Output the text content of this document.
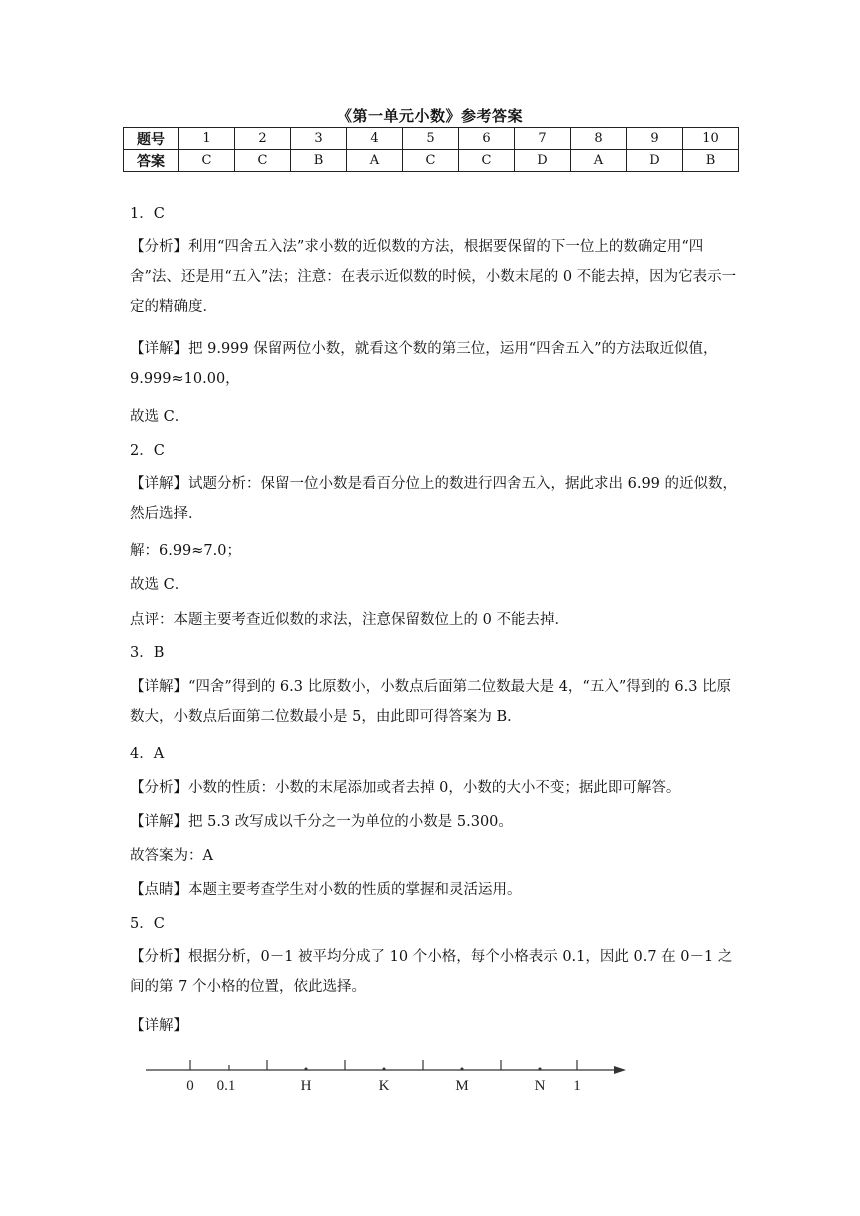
《第一单元小数》参考答案
题号	1	2	3	4	5	6	7	8	9	10
答案	C	C	B	A	C	C	D	A	D	B
1．C
【分析】利用“四舍五入法”求小数的近似数的方法，根据要保留的下一位上的数确定用“四舍”法、还是用“五入”法；注意：在表示近似数的时候，小数末尾的 0 不能去掉，因为它表示一定的精确度．
【详解】把 9.999 保留两位小数，就看这个数的第三位，运用“四舍五入”的方法取近似值，9.999≈10.00，
故选 C．
2．C
【详解】试题分析：保留一位小数是看百分位上的数进行四舍五入，据此求出 6.99 的近似数，然后选择．
解：6.99≈7.0；
故选 C．
点评：本题主要考查近似数的求法，注意保留数位上的 0 不能去掉．
3．B
【详解】“四舍”得到的 6.3 比原数小，小数点后面第二位数最大是 4，“五入”得到的 6.3 比原数大，小数点后面第二位数最小是 5，由此即可得答案为 B．
4．A
【分析】小数的性质：小数的末尾添加或者去掉 0，小数的大小不变；据此即可解答。
【详解】把 5.3 改写成以千分之一为单位的小数是 5.300。
故答案为：A
【点睛】本题主要考查学生对小数的性质的掌握和灵活运用。
5．C
【分析】根据分析，0－1 被平均分成了 10 个小格，每个小格表示 0.1，因此 0.7 在 0－1 之间的第 7 个小格的位置，依此选择。
【详解】
0 0.1	H	K	M	N 1
